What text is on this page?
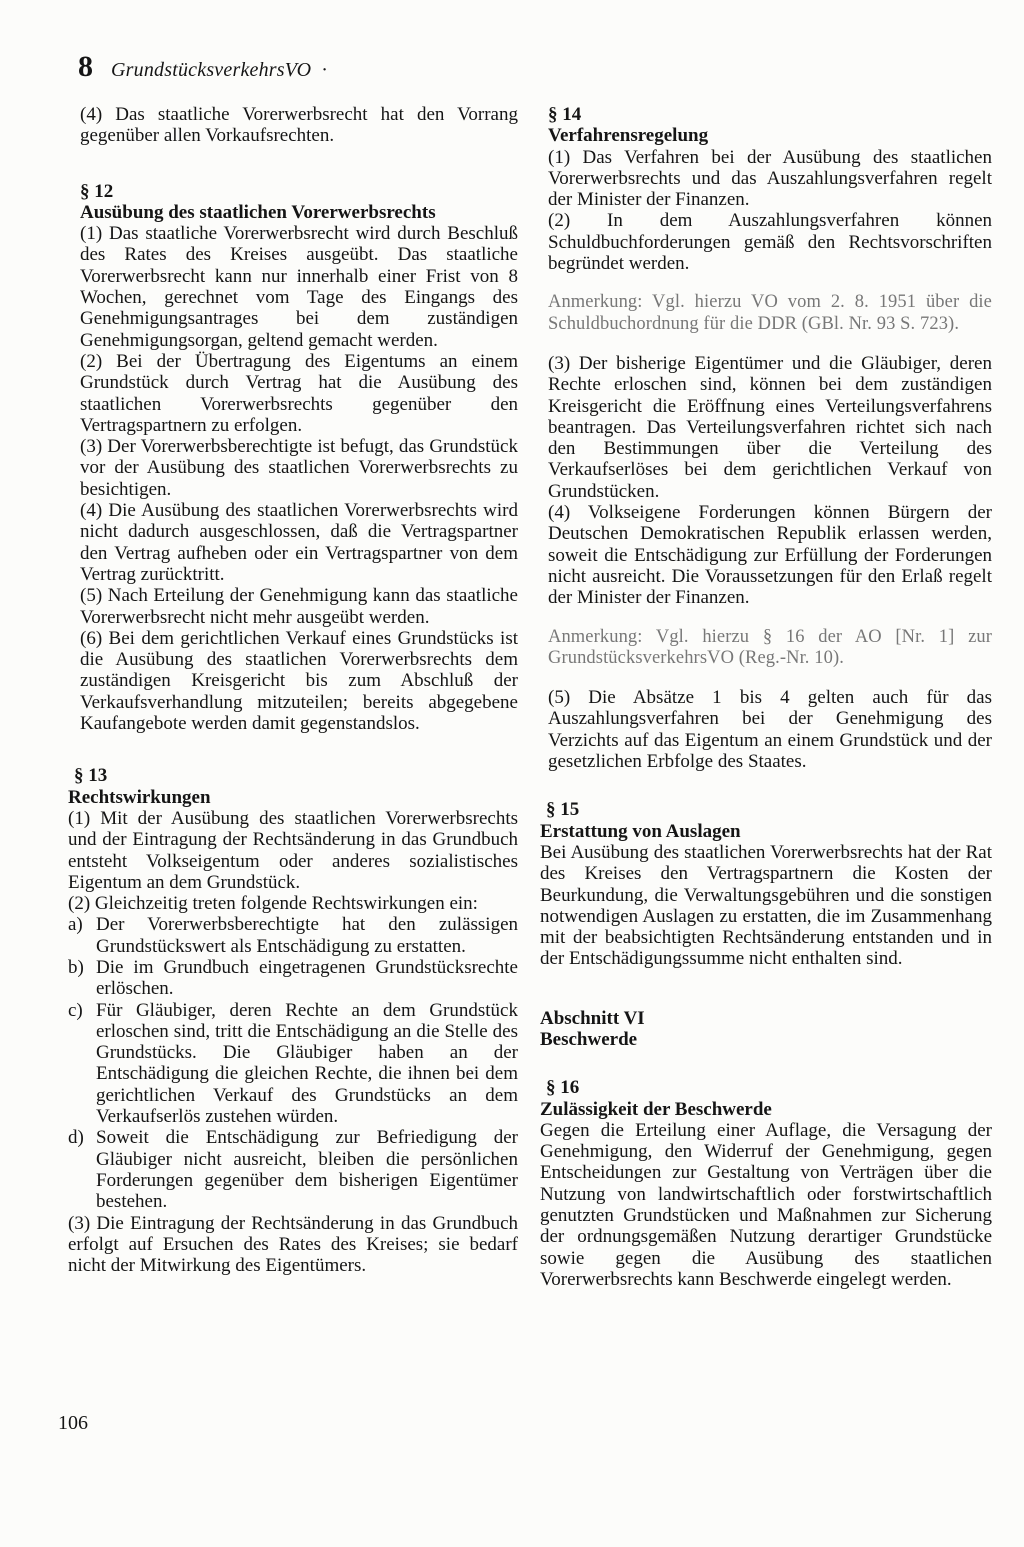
8 GrundstücksverkehrsVO ·

(4) Das staatliche Vorerwerbsrecht hat den Vorrang gegenüber allen Vorkaufsrechten.

§ 12

Ausübung des staatlichen Vorerwerbsrechts

(1) Das staatliche Vorerwerbsrecht wird durch Beschluß des Rates des Kreises ausgeübt. Das staatliche Vorerwerbsrecht kann nur innerhalb einer Frist von 8 Wochen, gerechnet vom Tage des Eingangs des Genehmigungsantrages bei dem zuständigen Genehmigungsorgan, geltend gemacht werden.

(2) Bei der Übertragung des Eigentums an einem Grundstück durch Vertrag hat die Ausübung des staatlichen Vorerwerbsrechts gegenüber den Vertragspartnern zu erfolgen.

(3) Der Vorerwerbsberechtigte ist befugt, das Grundstück vor der Ausübung des staatlichen Vorerwerbsrechts zu besichtigen.

(4) Die Ausübung des staatlichen Vorerwerbsrechts wird nicht dadurch ausgeschlossen, daß die Vertragspartner den Vertrag aufheben oder ein Vertragspartner von dem Vertrag zurücktritt.

(5) Nach Erteilung der Genehmigung kann das staatliche Vorerwerbsrecht nicht mehr ausgeübt werden.

(6) Bei dem gerichtlichen Verkauf eines Grundstücks ist die Ausübung des staatlichen Vorerwerbsrechts dem zuständigen Kreisgericht bis zum Abschluß der Verkaufsverhandlung mitzuteilen; bereits abgegebene Kaufangebote werden damit gegenstandslos.

§ 13

Rechtswirkungen

(1) Mit der Ausübung des staatlichen Vorerwerbsrechts und der Eintragung der Rechtsänderung in das Grundbuch entsteht Volkseigentum oder anderes sozialistisches Eigentum an dem Grundstück.

(2) Gleichzeitig treten folgende Rechtswirkungen ein:

a) Der Vorerwerbsberechtigte hat den zulässigen Grundstückswert als Entschädigung zu erstatten.
b) Die im Grundbuch eingetragenen Grundstücksrechte erlöschen.
c) Für Gläubiger, deren Rechte an dem Grundstück erloschen sind, tritt die Entschädigung an die Stelle des Grundstücks. Die Gläubiger haben an der Entschädigung die gleichen Rechte, die ihnen bei dem gerichtlichen Verkauf des Grundstücks an dem Verkaufserlös zustehen würden.
d) Soweit die Entschädigung zur Befriedigung der Gläubiger nicht ausreicht, bleiben die persönlichen Forderungen gegenüber dem bisherigen Eigentümer bestehen.

(3) Die Eintragung der Rechtsänderung in das Grundbuch erfolgt auf Ersuchen des Rates des Kreises; sie bedarf nicht der Mitwirkung des Eigentümers.

§ 14

Verfahrensregelung

(1) Das Verfahren bei der Ausübung des staatlichen Vorerwerbsrechts und das Auszahlungsverfahren regelt der Minister der Finanzen.

(2) In dem Auszahlungsverfahren können Schuldbuchforderungen gemäß den Rechtsvorschriften begründet werden.

Anmerkung: Vgl. hierzu VO vom 2. 8. 1951 über die Schuldbuchordnung für die DDR (GBl. Nr. 93 S. 723).

(3) Der bisherige Eigentümer und die Gläubiger, deren Rechte erloschen sind, können bei dem zuständigen Kreisgericht die Eröffnung eines Verteilungsverfahrens beantragen. Das Verteilungsverfahren richtet sich nach den Bestimmungen über die Verteilung des Verkaufserlöses bei dem gerichtlichen Verkauf von Grundstücken.

(4) Volkseigene Forderungen können Bürgern der Deutschen Demokratischen Republik erlassen werden, soweit die Entschädigung zur Erfüllung der Forderungen nicht ausreicht. Die Voraussetzungen für den Erlaß regelt der Minister der Finanzen.

Anmerkung: Vgl. hierzu § 16 der AO [Nr. 1] zur GrundstücksverkehrsVO (Reg.-Nr. 10).

(5) Die Absätze 1 bis 4 gelten auch für das Auszahlungsverfahren bei der Genehmigung des Verzichts auf das Eigentum an einem Grundstück und der gesetzlichen Erbfolge des Staates.

§ 15

Erstattung von Auslagen

Bei Ausübung des staatlichen Vorerwerbsrechts hat der Rat des Kreises den Vertragspartnern die Kosten der Beurkundung, die Verwaltungsgebühren und die sonstigen notwendigen Auslagen zu erstatten, die im Zusammenhang mit der beabsichtigten Rechtsänderung entstanden und in der Entschädigungssumme nicht enthalten sind.

Abschnitt VI

Beschwerde

§ 16

Zulässigkeit der Beschwerde

Gegen die Erteilung einer Auflage, die Versagung der Genehmigung, den Widerruf der Genehmigung, gegen Entscheidungen zur Gestaltung von Verträgen über die Nutzung von landwirtschaftlich oder forstwirtschaftlich genutzten Grundstücken und Maßnahmen zur Sicherung der ordnungsgemäßen Nutzung derartiger Grundstücke sowie gegen die Ausübung des staatlichen Vorerwerbsrechts kann Beschwerde eingelegt werden.

106
